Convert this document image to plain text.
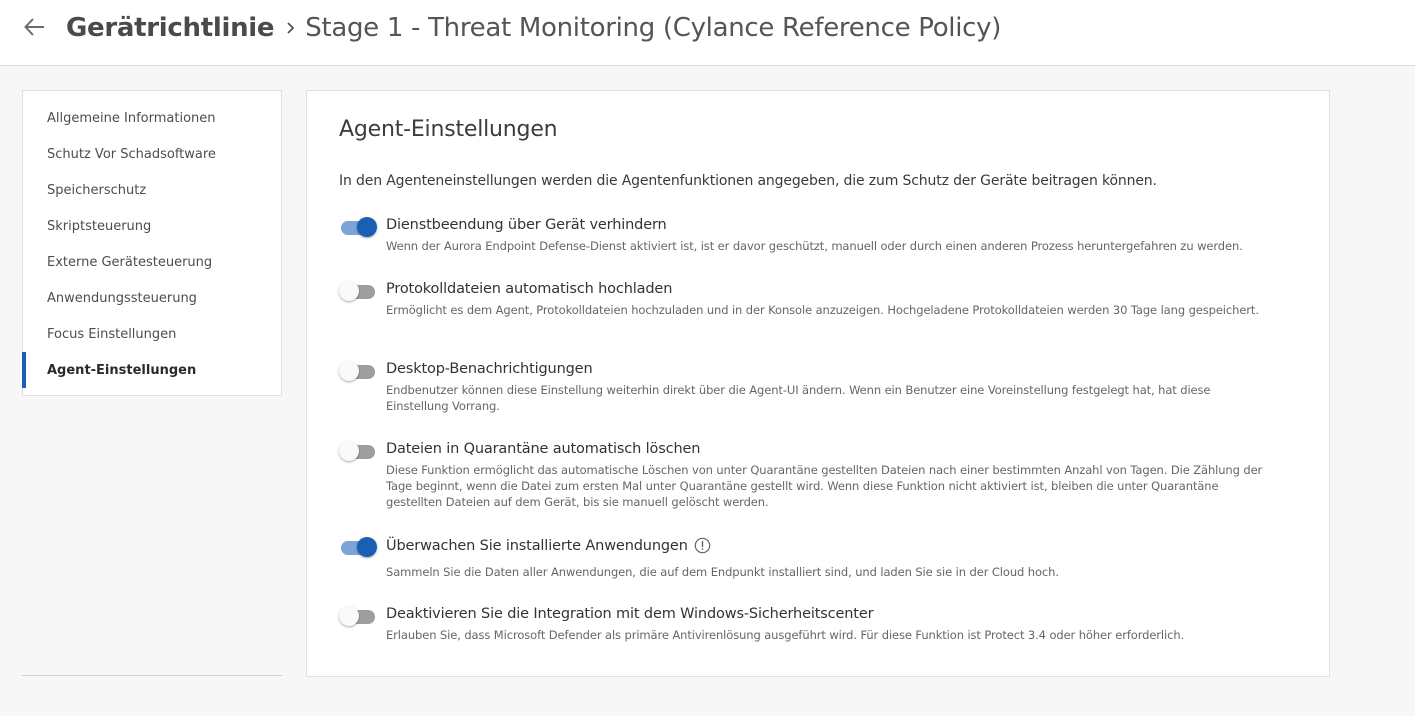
Gerätrichtlinie Stage 1 - Threat Monitoring (Cylance Reference Policy)
Allgemeine Informationen
Schutz Vor Schadsoftware
Speicherschutz
Skriptsteuerung
Externe Gerätesteuerung
Anwendungssteuerung
Focus Einstellungen
Agent-Einstellungen
Agent-Einstellungen
In den Agenteneinstellungen werden die Agentenfunktionen angegeben, die zum Schutz der Geräte beitragen können.
Dienstbeendung über Gerät verhindern
Wenn der Aurora Endpoint Defense-Dienst aktiviert ist, ist er davor geschützt, manuell oder durch einen anderen Prozess heruntergefahren zu werden.
Protokolldateien automatisch hochladen
Ermöglicht es dem Agent, Protokolldateien hochzuladen und in der Konsole anzuzeigen. Hochgeladene Protokolldateien werden 30 Tage lang gespeichert.
Desktop-Benachrichtigungen
Endbenutzer können diese Einstellung weiterhin direkt über die Agent-UI ändern. Wenn ein Benutzer eine Voreinstellung festgelegt hat, hat diese Einstellung Vorrang.
Dateien in Quarantäne automatisch löschen
Diese Funktion ermöglicht das automatische Löschen von unter Quarantäne gestellten Dateien nach einer bestimmten Anzahl von Tagen. Die Zählung der Tage beginnt, wenn die Datei zum ersten Mal unter Quarantäne gestellt wird. Wenn diese Funktion nicht aktiviert ist, bleiben die unter Quarantäne gestellten Dateien auf dem Gerät, bis sie manuell gelöscht werden.
Überwachen Sie installierte Anwendungen
Sammeln Sie die Daten aller Anwendungen, die auf dem Endpunkt installiert sind, und laden Sie sie in der Cloud hoch.
Deaktivieren Sie die Integration mit dem Windows-Sicherheitscenter
Erlauben Sie, dass Microsoft Defender als primäre Antivirenlösung ausgeführt wird. Für diese Funktion ist Protect 3.4 oder höher erforderlich.
